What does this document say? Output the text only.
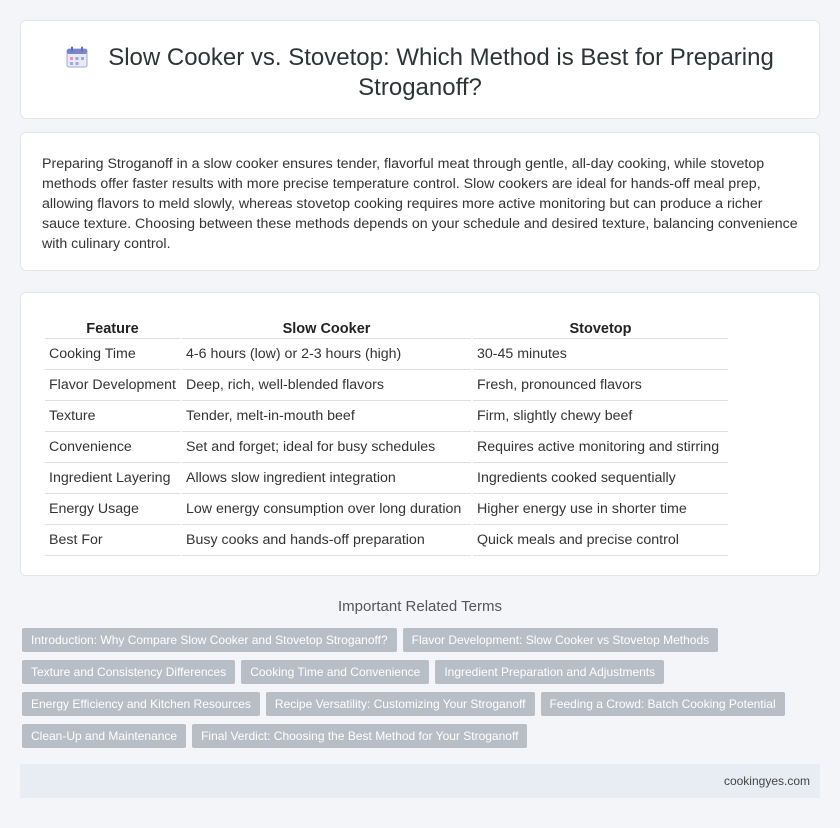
Slow Cooker vs. Stovetop: Which Method is Best for Preparing Stroganoff?

Preparing Stroganoff in a slow cooker ensures tender, flavorful meat through gentle, all-day cooking, while stovetop methods offer faster results with more precise temperature control. Slow cookers are ideal for hands-off meal prep, allowing flavors to meld slowly, whereas stovetop cooking requires more active monitoring but can produce a richer sauce texture. Choosing between these methods depends on your schedule and desired texture, balancing convenience with culinary control.

Feature	Slow Cooker	Stovetop
Cooking Time	4-6 hours (low) or 2-3 hours (high)	30-45 minutes
Flavor Development	Deep, rich, well-blended flavors	Fresh, pronounced flavors
Texture	Tender, melt-in-mouth beef	Firm, slightly chewy beef
Convenience	Set and forget; ideal for busy schedules	Requires active monitoring and stirring
Ingredient Layering	Allows slow ingredient integration	Ingredients cooked sequentially
Energy Usage	Low energy consumption over long duration	Higher energy use in shorter time
Best For	Busy cooks and hands-off preparation	Quick meals and precise control
Important Related Terms
Introduction: Why Compare Slow Cooker and Stovetop Stroganoff?	Flavor Development: Slow Cooker vs Stovetop Methods
Texture and Consistency Differences	Cooking Time and Convenience	Ingredient Preparation and Adjustments
Energy Efficiency and Kitchen Resources	Recipe Versatility: Customizing Your Stroganoff	Feeding a Crowd: Batch Cooking Potential
Clean-Up and Maintenance	Final Verdict: Choosing the Best Method for Your Stroganoff
cookingyes.com
